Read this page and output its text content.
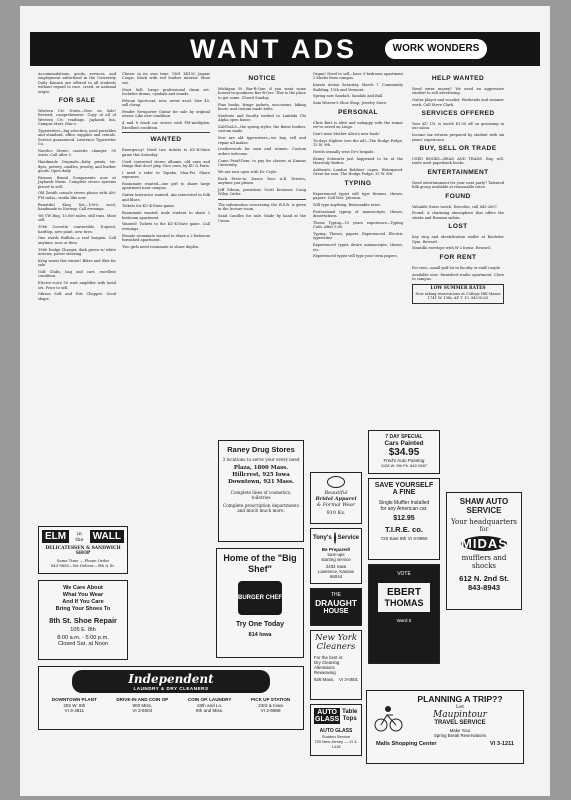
WANT ADS	WORK WONDERS

Accommodations, goods, services, and employment advertised in the University Daily Kansan are offered to all students without regard to race, creed, or national origin.

FOR SALE

Western Civ. Notes—Now on Sale! Revised, comprehensive. Copy of all of Western Civ. readings. Jayhawk Inn, Campus Mart, Mac's.

Typewriters—big selection, used portables and standard, office supplies and rentals. Service guaranteed. Lawrence Typewriter Co.

Norelco Stereo cassette changer. 90 watts. Call after 5.

Handmade Originals—baby prints, tie-dyes, pottery, candles, jewelry, and leather goods. Open daily.

Famous Brand Components now at Jayhawk Music. Complete stereo systems priced to sell.

Old Zenith console stereo phono with AM-FM radio—works like new.

Beautiful King Set—100% wool, handmade in Norway. Call evenings.

'68 VW Bug, 13,000 miles, still runs. Must sell.

1966 Corvette convertible, 4-speed, hardtop, new paint, new tires.

One words Buffalo—a real bargain. Call anytime, now or then.

1966 Dodge Charger, dark green w/ white interior, power steering.

Keep warm this winter! Bikes and Skis for sale.

Golf Clubs, bag and cart, excellent condition.

Electro-voice 50 watt amplifier with head set. Price to sell.

Gibson Soft and Dirt Chopper. Good shape.

Classic in its own time: 1961 XK150 Jaguar Coupe, black with red leather interior. Must see.

Must Sell. Large professional drum set. Includes drums, cymbals and stands.

Pelican Sportcoat, new, never used. Size 40, sell cheap.

Fender Newporter Guitar for sale by original owner. Like new condition.

4 and 8 track car stereo with FM-multiplex. Excellent condition.

WANTED

Emergency! Need two tickets to KU-K-State game this Saturday.

Used converted stereo albums, old ones and things that don't play. Nice ones, by KU & Paris.

I need a rider to Topeka, Mon-Fri. Share expenses.

Roommate wanted—one girl to share large apartment near campus.

Guitar instructor wanted. Am interested in folk and blues.

Tickets for KU-K-State game.

Roommate wanted, male student to share 2 bedroom apartment.

Wanted! Tickets to the KU-K-State game. Call evenings.

Female roommate wanted to share a 2 bedroom furnished apartment.

Two girls need roommate to share duplex.

NOTICE

Michigan St. Bar-B-Que, if you want some honest-to-goodness Bar-B-Que. This is the place to get some. Closed Sunday.

Fine books, fringe jackets, moccasins, hiking boots, and custom made belts.

Students and faculty invited to Lambda Chi Alpha open house.

SANDALS—the spring styles, the finest leather, custom made.

Sew are old typewriters—we buy, sell and repair all makes.

Leatherwork for men and women. Custom orders welcome.

Come Pearl-Dom: to pay for classes at Kansas University.

We are now open with Dr. Coyle.

Rock Drive-in. Dance Your A.B. Drivers, anytime you please.

Jeff Gibson, president: Scott Kreamer, Craig Wiley. Order.

The information concerning the W.S.R. is given in the lecture room.

Sand Candles for sale. Made by hand at the Union.

Organ! Need to sell—have 3-bedroom apartment 2 blocks from campus.

Karate Action Saturday, March 7. Community Building, 11th and Vermont.

Spring now Sandals, Sandals and Ball.

Sam Weaver's Shoe Shop, Jewelry Store.

PERSONAL

Chris Bert is alive and unhappy with the rumor we've saved on Lingo.

Don't miss Mother Alice's new book!

Tu-days Nighter (see the ad)—The Hodge Podge, 15 W. 9th.

Needs sexually wise Dr's brigade.

Kenny Schwartz just happened to be at the Heavenly Bodies.

Authentic London Bobbies' capes. Waterproof. Great for rain. The Hodge Podge, 15 W. 9th.

TYPING

Experienced typist will type themes, theses, papers. Call Mrs. Johnson.

Will type anything. Reasonable rates.

Professional typing of manuscripts, theses, dissertations.

Thesis Typing—10 years experience—Typing Cath. After 5:00.

Typing: Theses, papers. Experienced. Electric typewriter.

Experienced typist desire manuscripts, theses, etc.

Experienced typist will type your term papers.

HELP WANTED

Need extra money? We need an aggressive student to sell advertising.

Guitar player and vocalist. Weekends and summer work. Call Steve Clark.

SERVICES OFFERED

Your KU I.D. is worth $1.00 off on grooming in our salon.

Income tax returns prepared by student with six years' experience.

BUY, SELL OR TRADE

USED BOOKS—READ AND TRADE. Buy, sell, trade used paperback books.

ENTERTAINMENT

Need entertainment for your next party? Talented folk group available at reasonable rates.

FOUND

Valuable Swiss watch. Describe, call 843-2607.

Found: A charming atmosphere that offers the steaks and Russian sirloin.

LOST

Key ring and identification wallet at Bachelor Gym. Reward.

Mantilla envelope with W-2 forms. Reward.

FOR RENT

For rent—small golf lot to faculty or staff couple.

Available now: furnished studio apartment. Close to campus.

LOW SUMMER RATES
Now taking reservations at College Hill Manor
1741 W. 19th, AP T. 10, 843-8220
Raney Drug Stores
3 locations to serve your every need
Plaza, 1800 Mass.
Hillcrest, 925 Iowa
Downtown, 921 Mass.
Complete lines of cosmetics, toiletries
Complete prescription departments and much much more.
ELM	in the WALL
DELICATESSEN & SANDWICH SHOP
Same Time — Phone Order
843-9885—We Deliver—9th & St.
Home of the "Big Shef"
BURGER CHEF
Try One Today
814 Iowa
We Care About
What You Wear
And If You Care
Bring Your Shoes To
8th St. Shoe Repair
105 E. 8th
8:00 a.m. - 5:00 p.m.
Closed Sat. at Noon
Independent
LAUNDRY & DRY CLEANERS
DOWNTOWN PLANT
202 W. 6th
VI 3-4811
DRIVE-IN AND COIN OP
900 Miss.
VI 3-5504
COIN OP. LAUNDRY
19th and Lo.
9th and Miss.
PICK UP STATION
23rd & Iowa
VI 3-9868
Beautiful
Bridal Apparel
& Formal Wear
910 Ks.
Tony's Service
Be Prepared!
tune-ups
starting service
2434 Iowa
Lawrence, Kansas 66044
THE
DRAUGHT
HOUSE
New York
Cleaners
For the best in:
Dry Cleaning
Alterations
Reweaving
926 Mass. VI 3-0501
AUTO
GLASS
Table
Tops
AUTO GLASS
Sudden Service
730 New Jersey — VI 3-1418
7 DAY SPECIAL
Cars Painted
$34.95
Fred's Auto Painting
1128 W. 9th Ph. 842-9487
SAVE YOURSELF
A FINE
Single Muffler Installed
for any American car.
$12.95
T.I.R.E. co.
720 East 9th VI 3-0950
VOTE
EBERT
THOMAS
Ward 5
SHAW AUTO
SERVICE
Your headquarters
for
MIDAS
mufflers and
shocks
612 N. 2nd St.
843-8943
PLANNING A TRIP??
Let
Maupintour
TRAVEL SERVICE
Make Your
Spring Break Reservations
Malls Shopping Center	VI 3-1211
